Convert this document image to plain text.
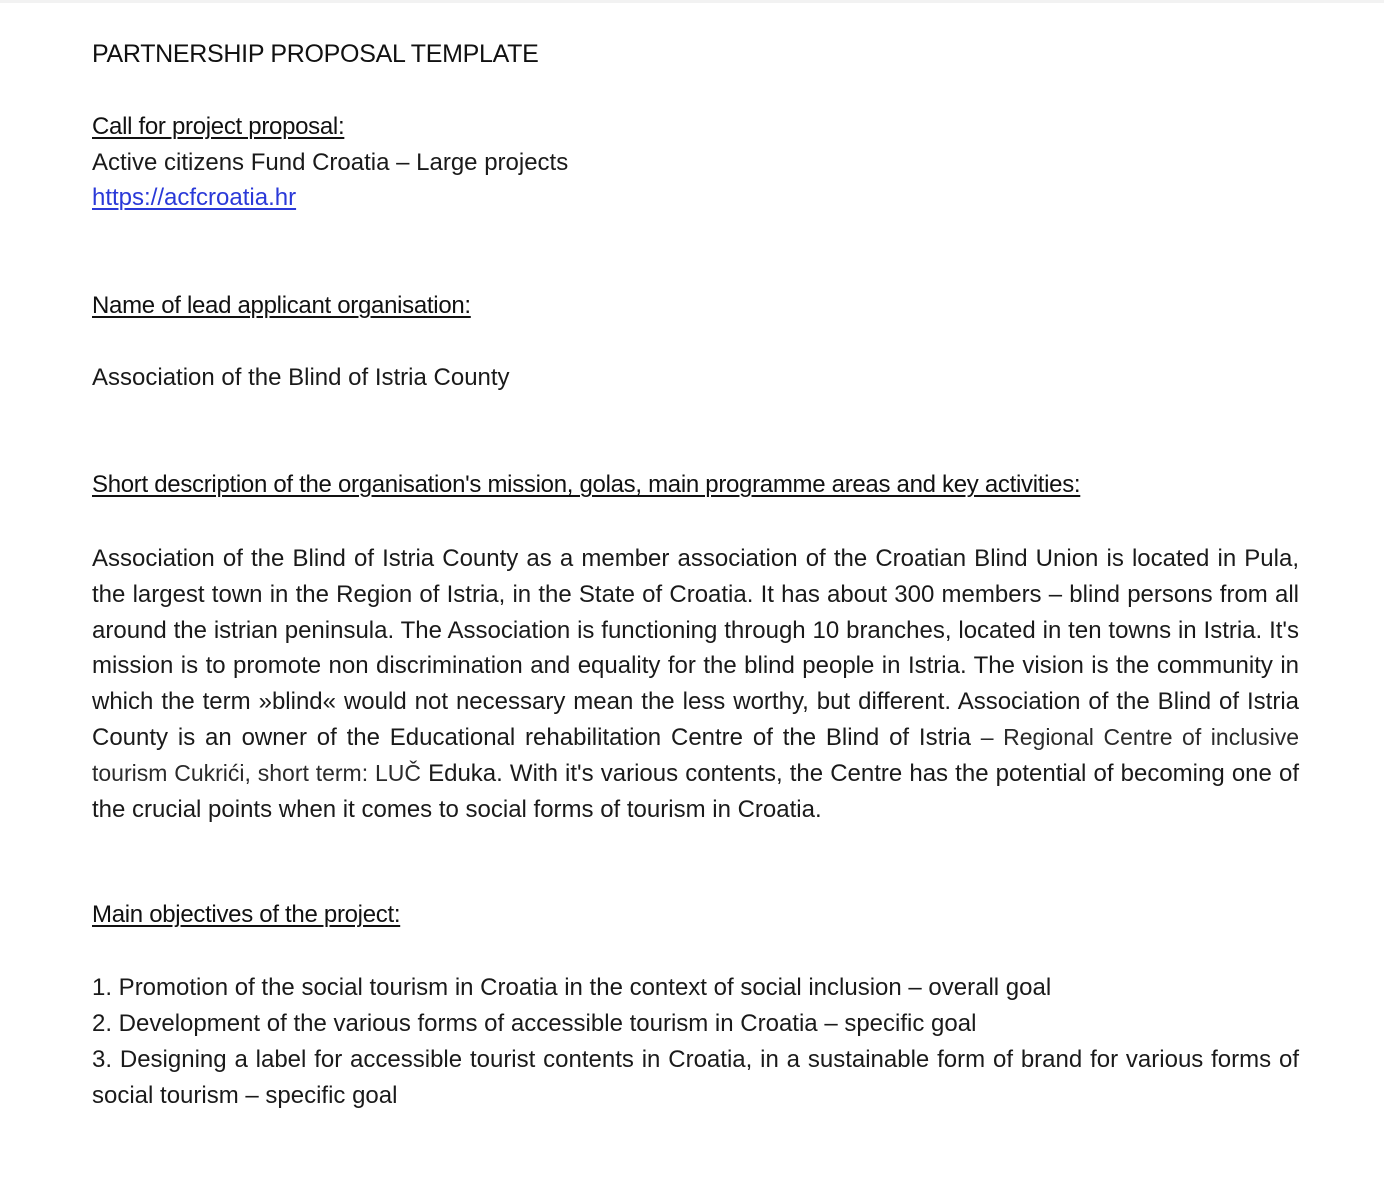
PARTNERSHIP PROPOSAL TEMPLATE
Call for project proposal:

Active citizens Fund Croatia – Large projects

https://acfcroatia.hr

Name of lead applicant organisation:

Association of the Blind of Istria County

Short description of the organisation's mission, golas, main programme areas and key activities:

Association of the Blind of Istria County as a member association of the Croatian Blind Union is located in Pula, the largest town in the Region of Istria, in the State of Croatia. It has about 300 members – blind persons from all around the istrian peninsula. The Association is functioning through 10 branches, located in ten towns in Istria. It's mission is to promote non discrimination and equality for the blind people in Istria. The vision is the community in which the term »blind« would not necessary mean the less worthy, but different. Association of the Blind of Istria County is an owner of the Educational rehabilitation Centre of the Blind of Istria – Regional Centre of inclusive tourism Cukrići, short term: LUČ Eduka. With it's various contents, the Centre has the potential of becoming one of the crucial points when it comes to social forms of tourism in Croatia.

Main objectives of the project:
1. Promotion of the social tourism in Croatia in the context of social inclusion – overall goal
2. Development of the various forms of accessible tourism in Croatia – specific goal
3. Designing a label for accessible tourist contents in Croatia, in a sustainable form of brand for various forms of social tourism – specific goal
